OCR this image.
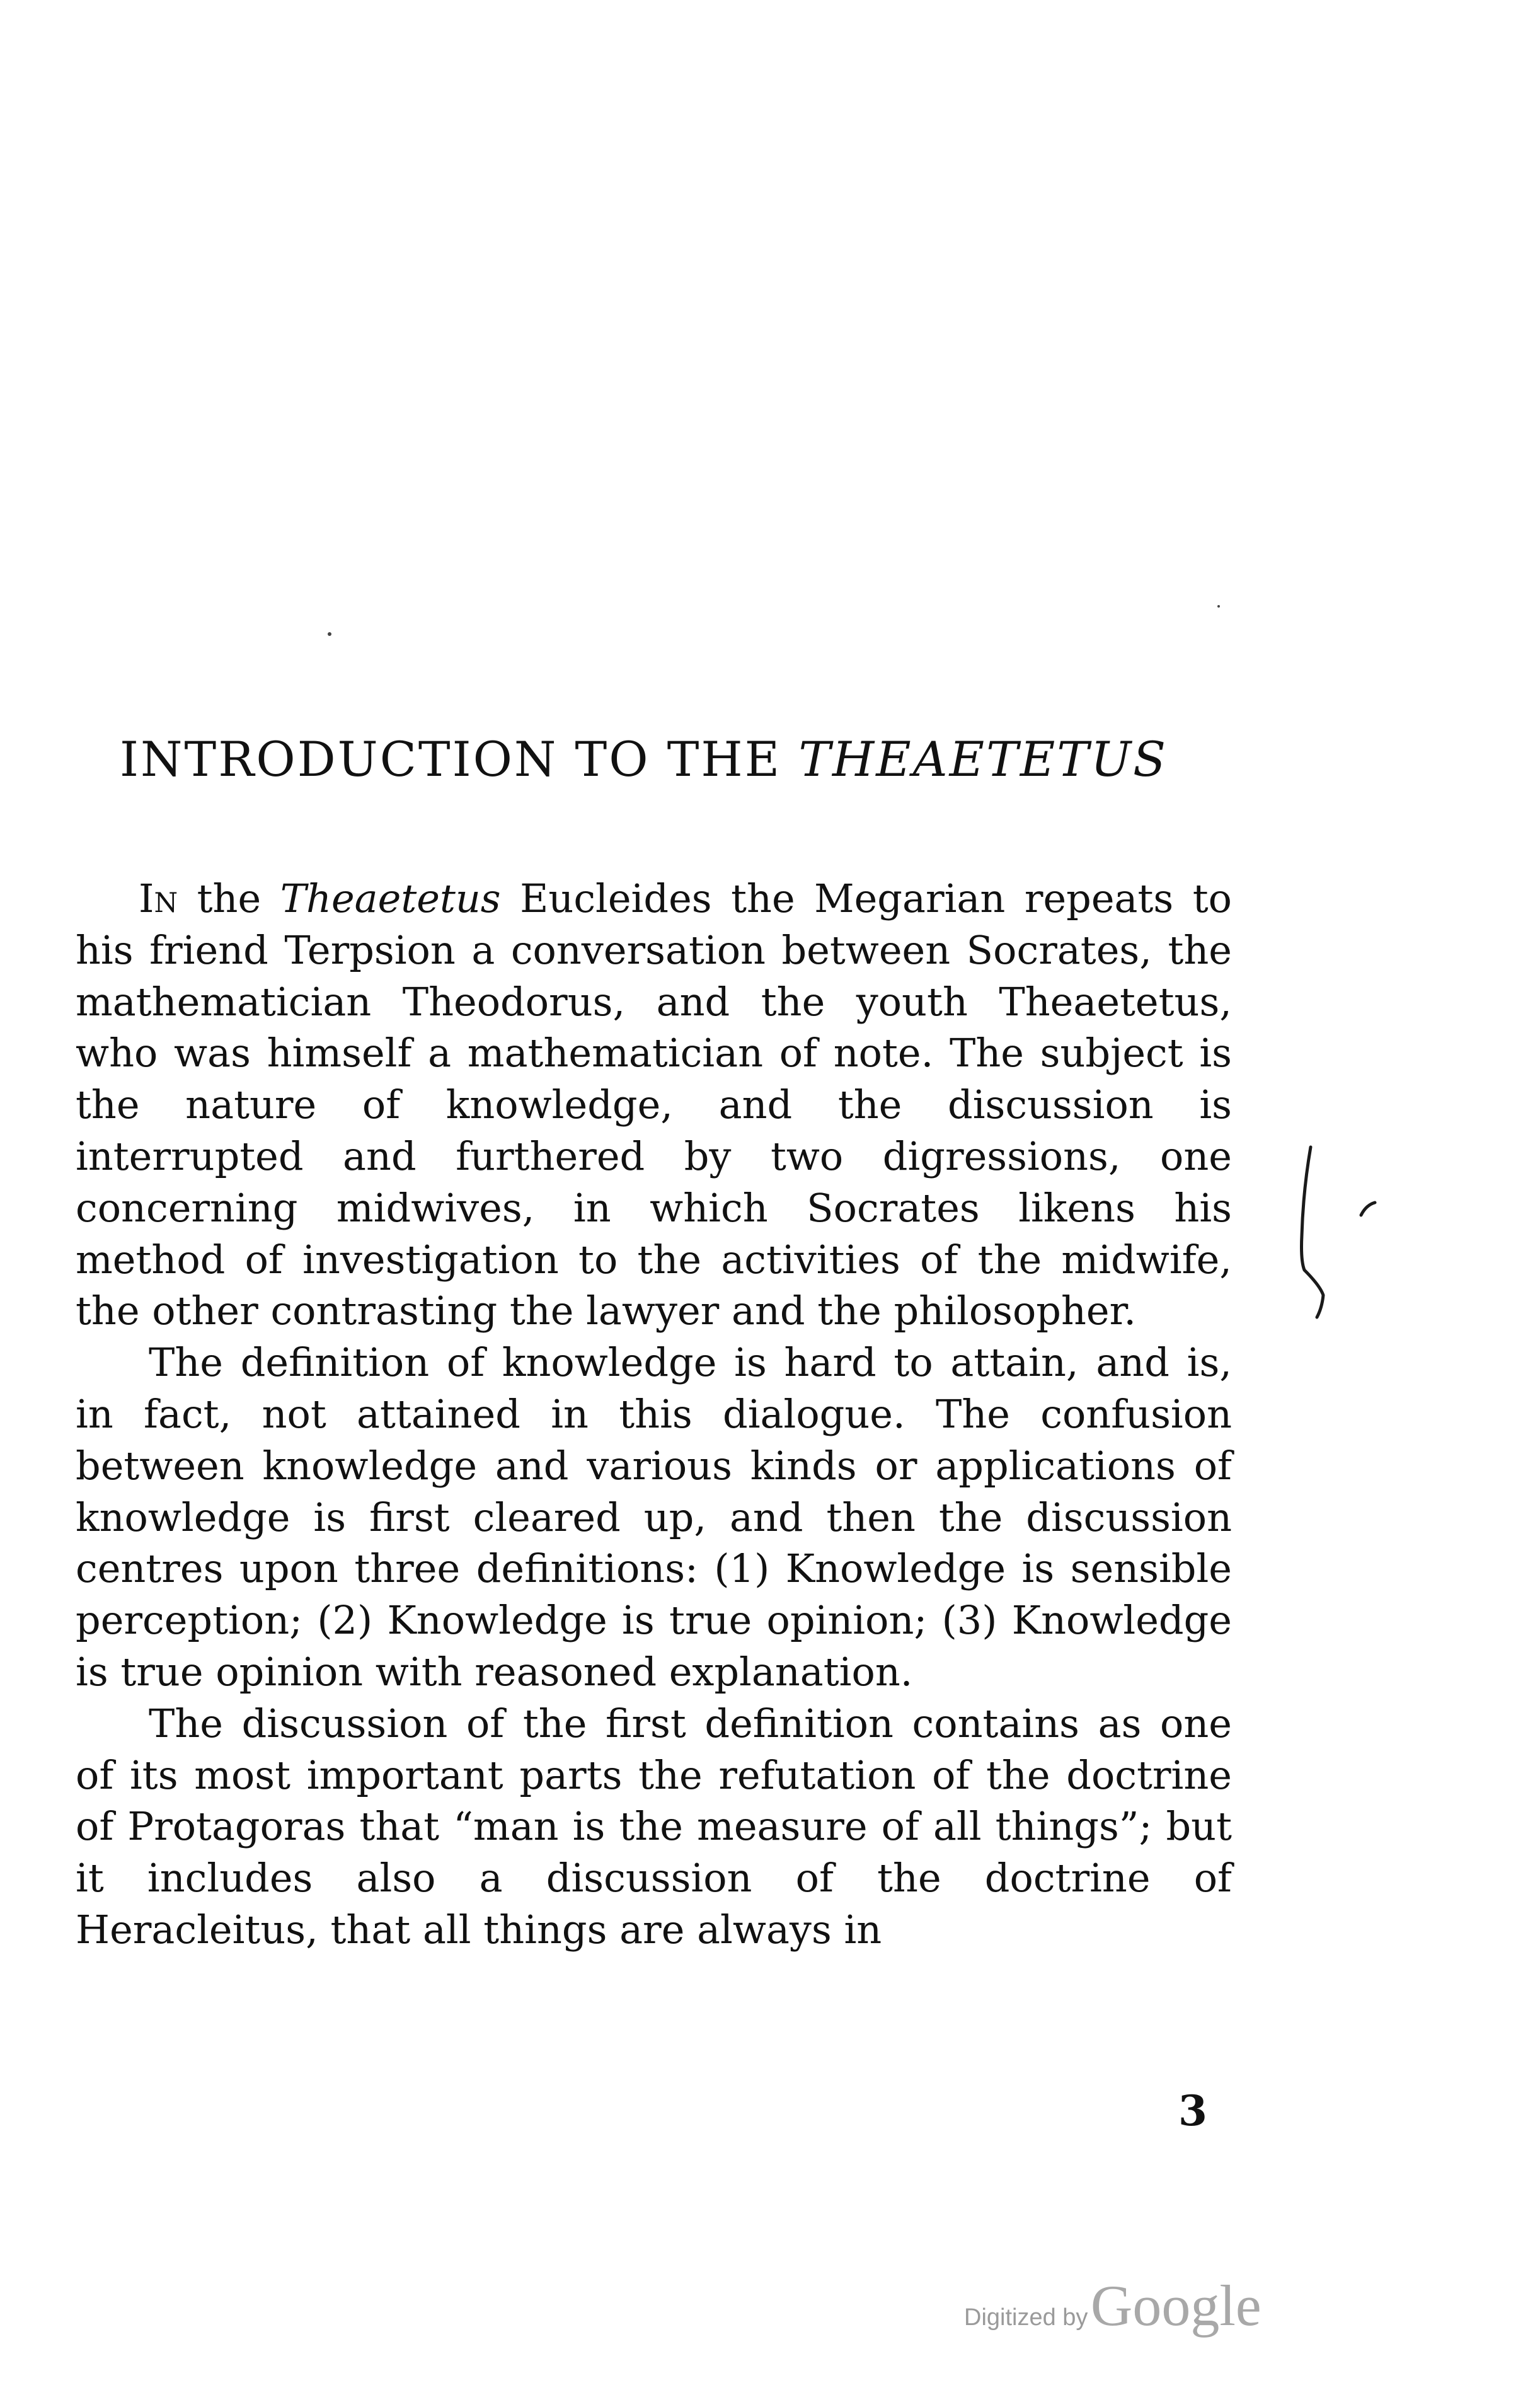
INTRODUCTION TO THE THEAETETUS

In the Theaetetus Eucleides the Megarian repeats to his friend Terpsion a conversation between Socrates, the mathematician Theodorus, and the youth Theaetetus, who was himself a mathematician of note. The subject is the nature of knowledge, and the discussion is interrupted and furthered by two digressions, one concerning midwives, in which Socrates likens his method of investigation to the activities of the midwife, the other contrasting the lawyer and the philosopher.

The definition of knowledge is hard to attain, and is, in fact, not attained in this dialogue. The confusion between knowledge and various kinds or applications of knowledge is first cleared up, and then the discussion centres upon three definitions: (1) Knowledge is sensible perception; (2) Knowledge is true opinion; (3) Knowledge is true opinion with reasoned explanation.

The discussion of the first definition contains as one of its most important parts the refutation of the doctrine of Protagoras that “man is the measure of all things”; but it includes also a discussion of the doctrine of Heracleitus, that all things are always in

3
Digitized by Google
